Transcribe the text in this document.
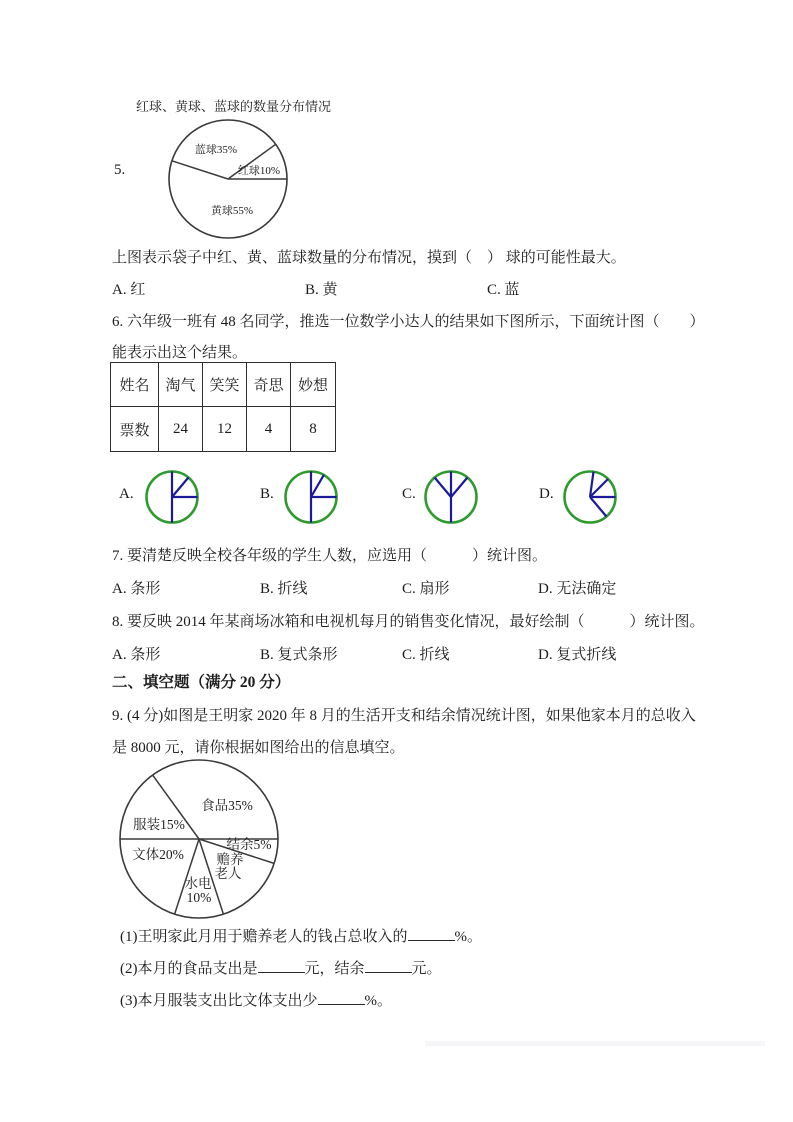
红球、黄球、蓝球的数量分布情况
5.
蓝球35%
红球10%
黄球55%
上图表示袋子中红、黄、蓝球数量的分布情况，摸到（　） 球的可能性最大。
A. 红	B. 黄	C. 蓝
6. 六年级一班有 48 名同学，推选一位数学小达人的结果如下图所示，下面统计图（　　）
能表示出这个结果。
姓名	淘气 笑笑 奇思 妙想
票数	24	12	4	8
A.	B.	C.	D.
7. 要清楚反映全校各年级的学生人数，应选用（　　　）统计图。
A. 条形	B. 折线	C. 扇形	D. 无法确定
8. 要反映 2014 年某商场冰箱和电视机每月的销售变化情况，最好绘制（　　　）统计图。
A. 条形	B. 复式条形	C. 折线	D. 复式折线
二、填空题（满分 20 分）
9. (4 分)如图是王明家 2020 年 8 月的生活开支和结余情况统计图，如果他家本月的总收入
是 8000 元，请你根据如图给出的信息填空。
食品35%
服装15%
结余5%
文体20% 赡养
老人
水电
10%
(1)王明家此月用于赡养老人的钱占总收入的	%。
(2)本月的食品支出是	元，结余	元。
(3)本月服装支出比文体支出少	%。
